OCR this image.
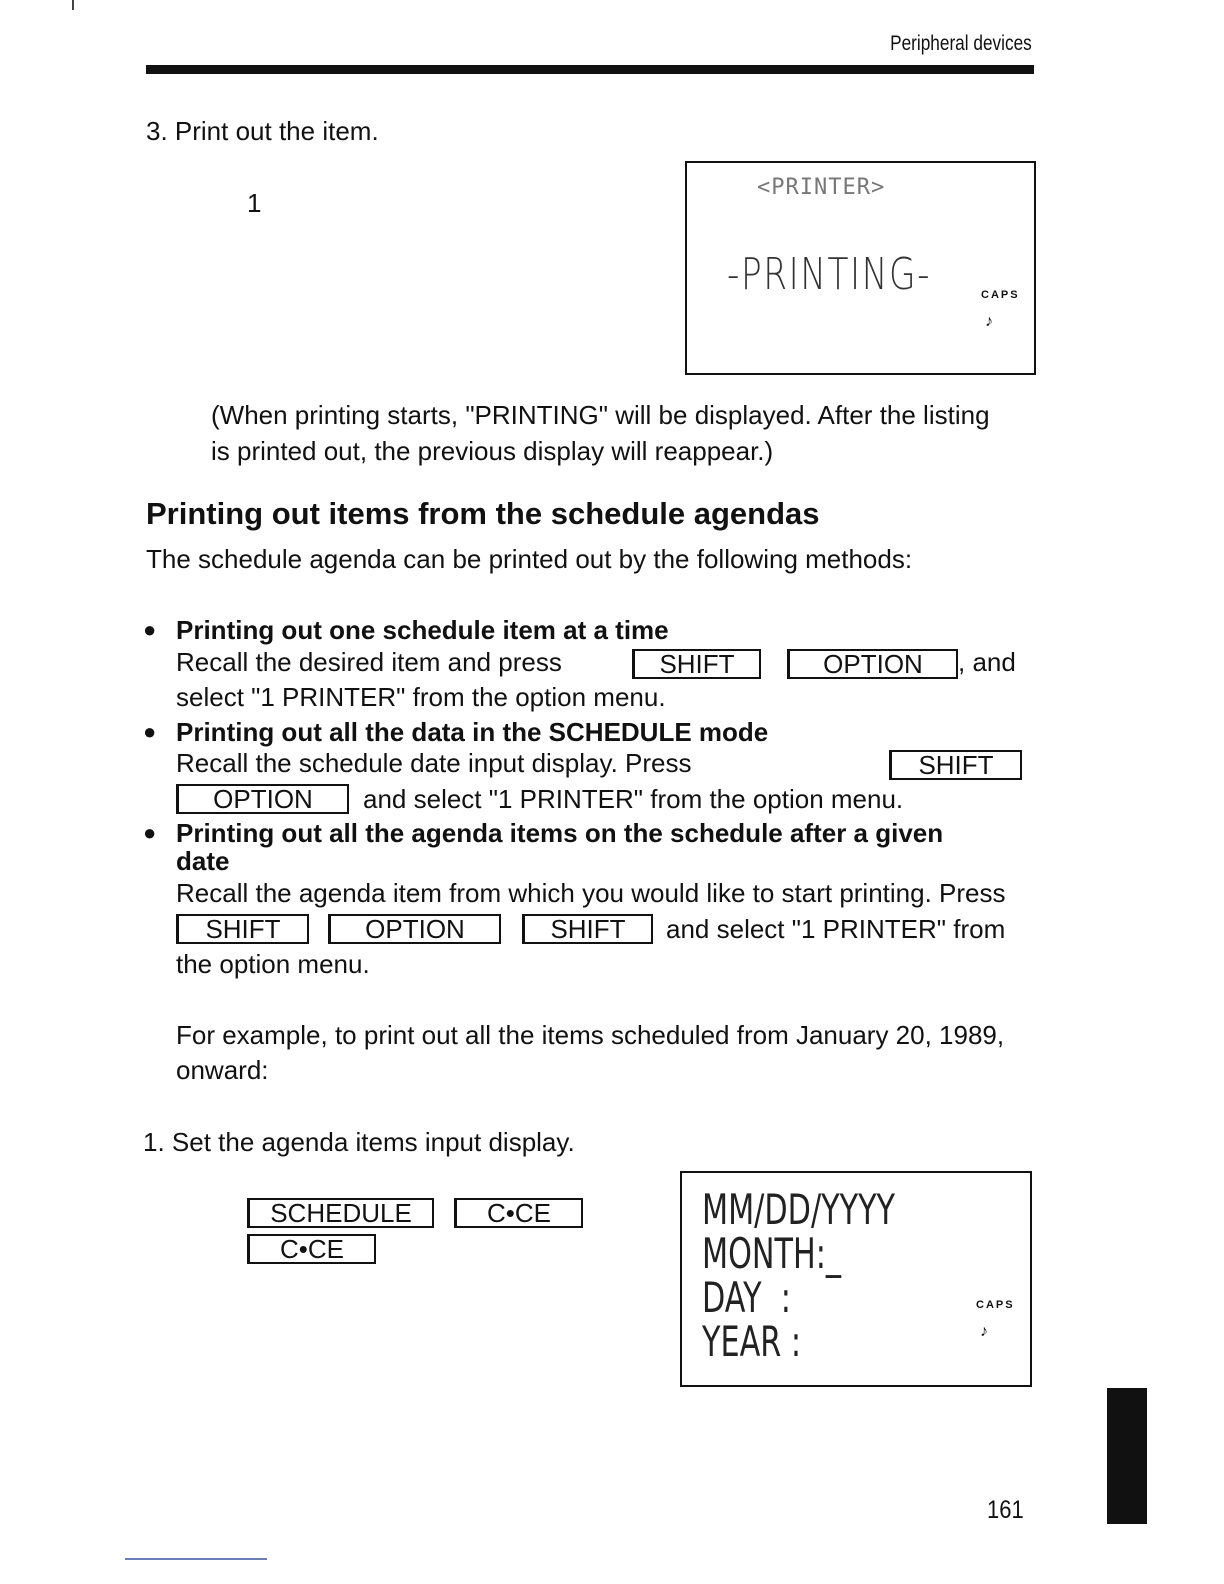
Peripheral devices
3. Print out the item.
1
<PRINTER>
-PRINTING-	CAPS
♪
(When printing starts, "PRINTING" will be displayed. After the listing
is printed out, the previous display will reappear.)
Printing out items from the schedule agendas
The schedule agenda can be printed out by the following methods:
● Printing out one schedule item at a time
Recall the desired item and press	SHIFT	OPTION	, and
select "1 PRINTER" from the option menu.
● Printing out all the data in the SCHEDULE mode
Recall the schedule date input display. Press	SHIFT
OPTION	and select "1 PRINTER" from the option menu.
● Printing out all the agenda items on the schedule after a given
date
Recall the agenda item from which you would like to start printing. Press
SHIFT	OPTION	SHIFT	and select "1 PRINTER" from
the option menu.
For example, to print out all the items scheduled from January 20, 1989,
onward:
1. Set the agenda items input display.
SCHEDULE	C•CE
C•CE
MM/DD/YYYY
MONTH:_
DAY  :
YEAR :
CAPS
♪
161
